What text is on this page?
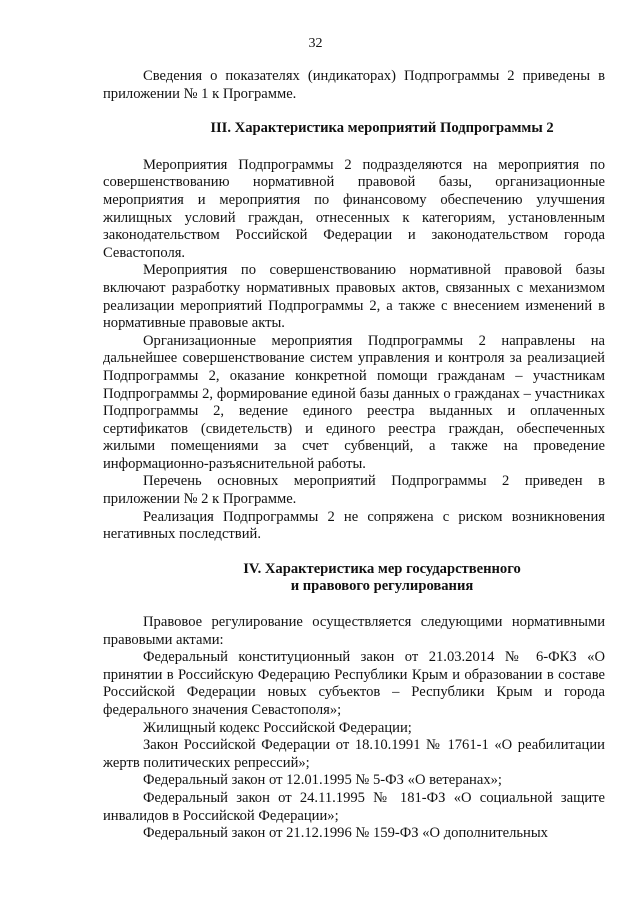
32

Сведения о показателях (индикаторах) Подпрограммы 2 приведены в приложении № 1 к Программе.

III. Характеристика мероприятий Подпрограммы 2

Мероприятия Подпрограммы 2 подразделяются на мероприятия по совершенствованию нормативной правовой базы, организационные мероприятия и мероприятия по финансовому обеспечению улучшения жилищных условий граждан, отнесенных к категориям, установленным законодательством Российской Федерации и законодательством города Севастополя.

Мероприятия по совершенствованию нормативной правовой базы включают разработку нормативных правовых актов, связанных с механизмом реализации мероприятий Подпрограммы 2, а также с внесением изменений в нормативные правовые акты.

Организационные мероприятия Подпрограммы 2 направлены на дальнейшее совершенствование систем управления и контроля за реализацией Подпрограммы 2, оказание конкретной помощи гражданам – участникам Подпрограммы 2, формирование единой базы данных о гражданах – участниках Подпрограммы 2, ведение единого реестра выданных и оплаченных сертификатов (свидетельств) и единого реестра граждан, обеспеченных жилыми помещениями за счет субвенций, а также на проведение информационно-разъяснительной работы.

Перечень основных мероприятий Подпрограммы 2 приведен в приложении № 2 к Программе.

Реализация Подпрограммы 2 не сопряжена с риском возникновения негативных последствий.

IV. Характеристика мер государственного
и правового регулирования

Правовое регулирование осуществляется следующими нормативными правовыми актами:

Федеральный конституционный закон от 21.03.2014 № 6-ФКЗ «О принятии в Российскую Федерацию Республики Крым и образовании в составе Российской Федерации новых субъектов – Республики Крым и города федерального значения Севастополя»;

Жилищный кодекс Российской Федерации;

Закон Российской Федерации от 18.10.1991 № 1761-1 «О реабилитации жертв политических репрессий»;

Федеральный закон от 12.01.1995 № 5-ФЗ «О ветеранах»;

Федеральный закон от 24.11.1995 № 181-ФЗ «О социальной защите инвалидов в Российской Федерации»;

Федеральный закон от 21.12.1996 № 159-ФЗ «О дополнительных
